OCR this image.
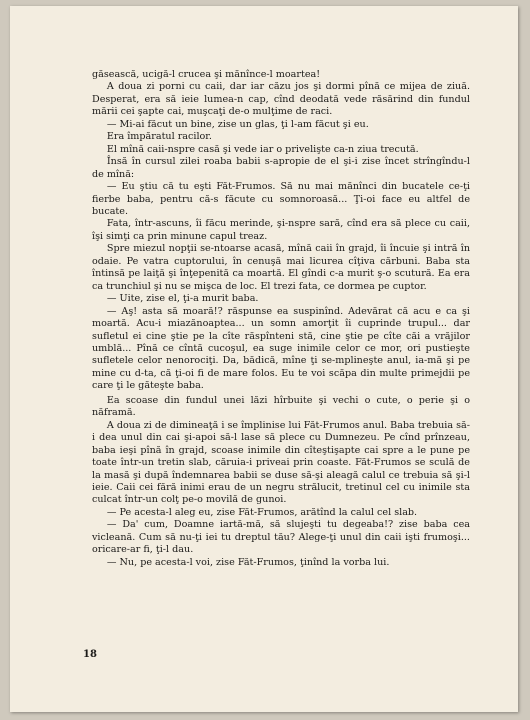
găsească, ucigă-l crucea şi mănînce-l moartea!

A doua zi porni cu caii, dar iar căzu jos şi dormi pînă ce mijea de ziuă. Desperat, era să ieie lumea-n cap, cînd deodată vede răsărind din fundul mării cei şapte cai, muşcaţi de-o mulţime de raci.

— Mi-ai făcut un bine, zise un glas, ţi l-am făcut şi eu.

Era împăratul racilor.

El mînă caii-nspre casă şi vede iar o priveliştе ca-n ziua trecută.

Însă în cursul zilei roaba babii s-apropie de el şi-i zise încet strîngîndu-l de mînă:

— Eu ştiu că tu eşti Făt-Frumos. Să nu mai mănînci din bucatele ce-ţi fierbe baba, pentru că-s făcute cu somnoroasă... Ţi-oi face eu altfel de bucate.

Fata, într-ascuns, îi făcu merinde, şi-nspre sară, cînd era să plece cu caii, îşi simţi ca prin minune capul treaz.

Spre miezul nopţii se-ntoarse acasă, mînă caii în grajd, îi încuie şi intră în odaie. Pe vatra cuptorului, în cenuşă mai licurea cîţiva cărbuni. Baba sta întinsă pe laiţă şi înţepenită ca moartă. El gîndi c-a murit ş-o scutură. Ea era ca trunchiul şi nu se mişca de loc. El trezi fata, ce dormea pe cuptor.

— Uite, zise el, ţi-a murit baba.

— Aş! asta să moară!? răspunse ea suspinînd. Adevărat că acu e ca şi moartă. Acu-i miazănoaptea... un somn amorţit îi cuprinde trupul... dar sufletul ei cine ştie pe la cîte răspîntеni stă, cine ştie pe cîte căi a vrăjilor umblă... Pînă ce cîntă cucoşul, ea suge inimile celor ce mor, ori pustieşte sufletele celor nenorociţi. Da, bădică, mîne ţi se-mplineşte anul, ia-mă şi pe mine cu d-ta, că ţi-oi fi de mare folos. Eu te voi scăpa din multe primejdii pe care ţi le găteşte baba.

Ea scoase din fundul unei lăzi hîrbuite şi vechi o cute, o perie şi o năframă.

A doua zi de dimineaţă i se împlinise lui Făt-Frumos anul. Baba trebuia să-i dea unul din cai şi-apoi să-l lase să plece cu Dumnezeu. Pe cînd prînzeau, baba ieşi pînă în grajd, scoase inimile din cîteştişapte cai spre a le pune pe toate într-un tretin slab, căruia-i priveai prin coaste. Făt-Frumos se sculă de la masă şi după îndemnarea babii se duse să-şi aleagă calul ce trebuia să şi-l ieie. Caii cei fără inimi erau de un negru strălucit, tretinul cel cu inimile sta culcat într-un colţ pe-o movilă de gunoi.

— Pe acesta-l aleg eu, zise Făt-Frumos, arătînd la calul cel slab.

— Da' cum, Doamne iartă-mă, să slujeşti tu degeaba!? zise baba cea vicleană. Cum să nu-ţi iei tu dreptul tău? Alege-ţi unul din caii işti frumoşi... oricare-ar fi, ţi-l dau.

— Nu, pe acesta-l voi, zise Făt-Frumos, ţinînd la vorba lui.

18
